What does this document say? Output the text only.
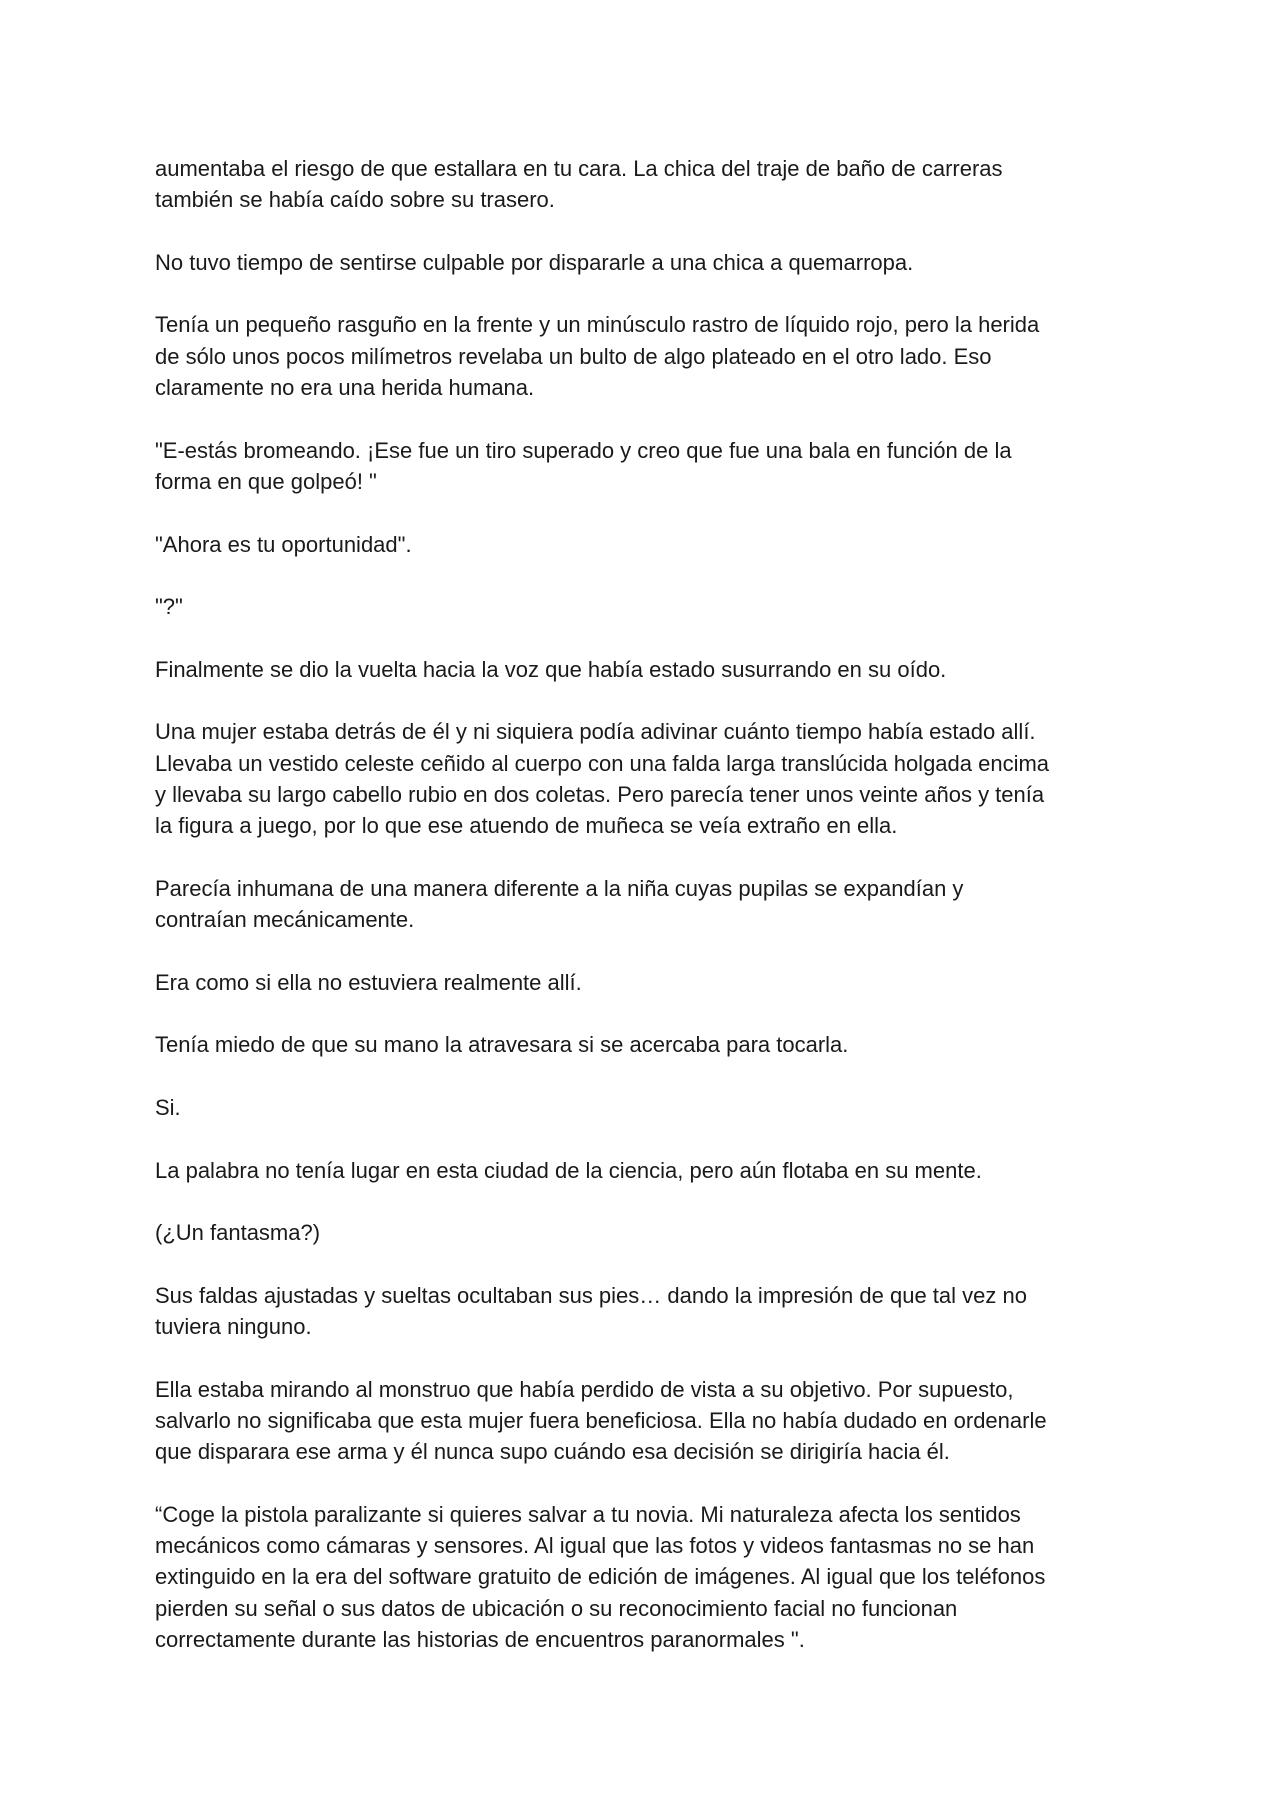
aumentaba el riesgo de que estallara en tu cara. La chica del traje de baño de carreras
también se había caído sobre su trasero.

No tuvo tiempo de sentirse culpable por dispararle a una chica a quemarropa.

Tenía un pequeño rasguño en la frente y un minúsculo rastro de líquido rojo, pero la herida
de sólo unos pocos milímetros revelaba un bulto de algo plateado en el otro lado. Eso
claramente no era una herida humana.

"E-estás bromeando. ¡Ese fue un tiro superado y creo que fue una bala en función de la
forma en que golpeó! "

"Ahora es tu oportunidad".

"?"

Finalmente se dio la vuelta hacia la voz que había estado susurrando en su oído.

Una mujer estaba detrás de él y ni siquiera podía adivinar cuánto tiempo había estado allí.
Llevaba un vestido celeste ceñido al cuerpo con una falda larga translúcida holgada encima
y llevaba su largo cabello rubio en dos coletas. Pero parecía tener unos veinte años y tenía
la figura a juego, por lo que ese atuendo de muñeca se veía extraño en ella.

Parecía inhumana de una manera diferente a la niña cuyas pupilas se expandían y
contraían mecánicamente.

Era como si ella no estuviera realmente allí.

Tenía miedo de que su mano la atravesara si se acercaba para tocarla.

Si.

La palabra no tenía lugar en esta ciudad de la ciencia, pero aún flotaba en su mente.

(¿Un fantasma?)

Sus faldas ajustadas y sueltas ocultaban sus pies… dando la impresión de que tal vez no
tuviera ninguno.

Ella estaba mirando al monstruo que había perdido de vista a su objetivo. Por supuesto,
salvarlo no significaba que esta mujer fuera beneficiosa. Ella no había dudado en ordenarle
que disparara ese arma y él nunca supo cuándo esa decisión se dirigiría hacia él.

“Coge la pistola paralizante si quieres salvar a tu novia. Mi naturaleza afecta los sentidos
mecánicos como cámaras y sensores. Al igual que las fotos y videos fantasmas no se han
extinguido en la era del software gratuito de edición de imágenes. Al igual que los teléfonos
pierden su señal o sus datos de ubicación o su reconocimiento facial no funcionan
correctamente durante las historias de encuentros paranormales ".
